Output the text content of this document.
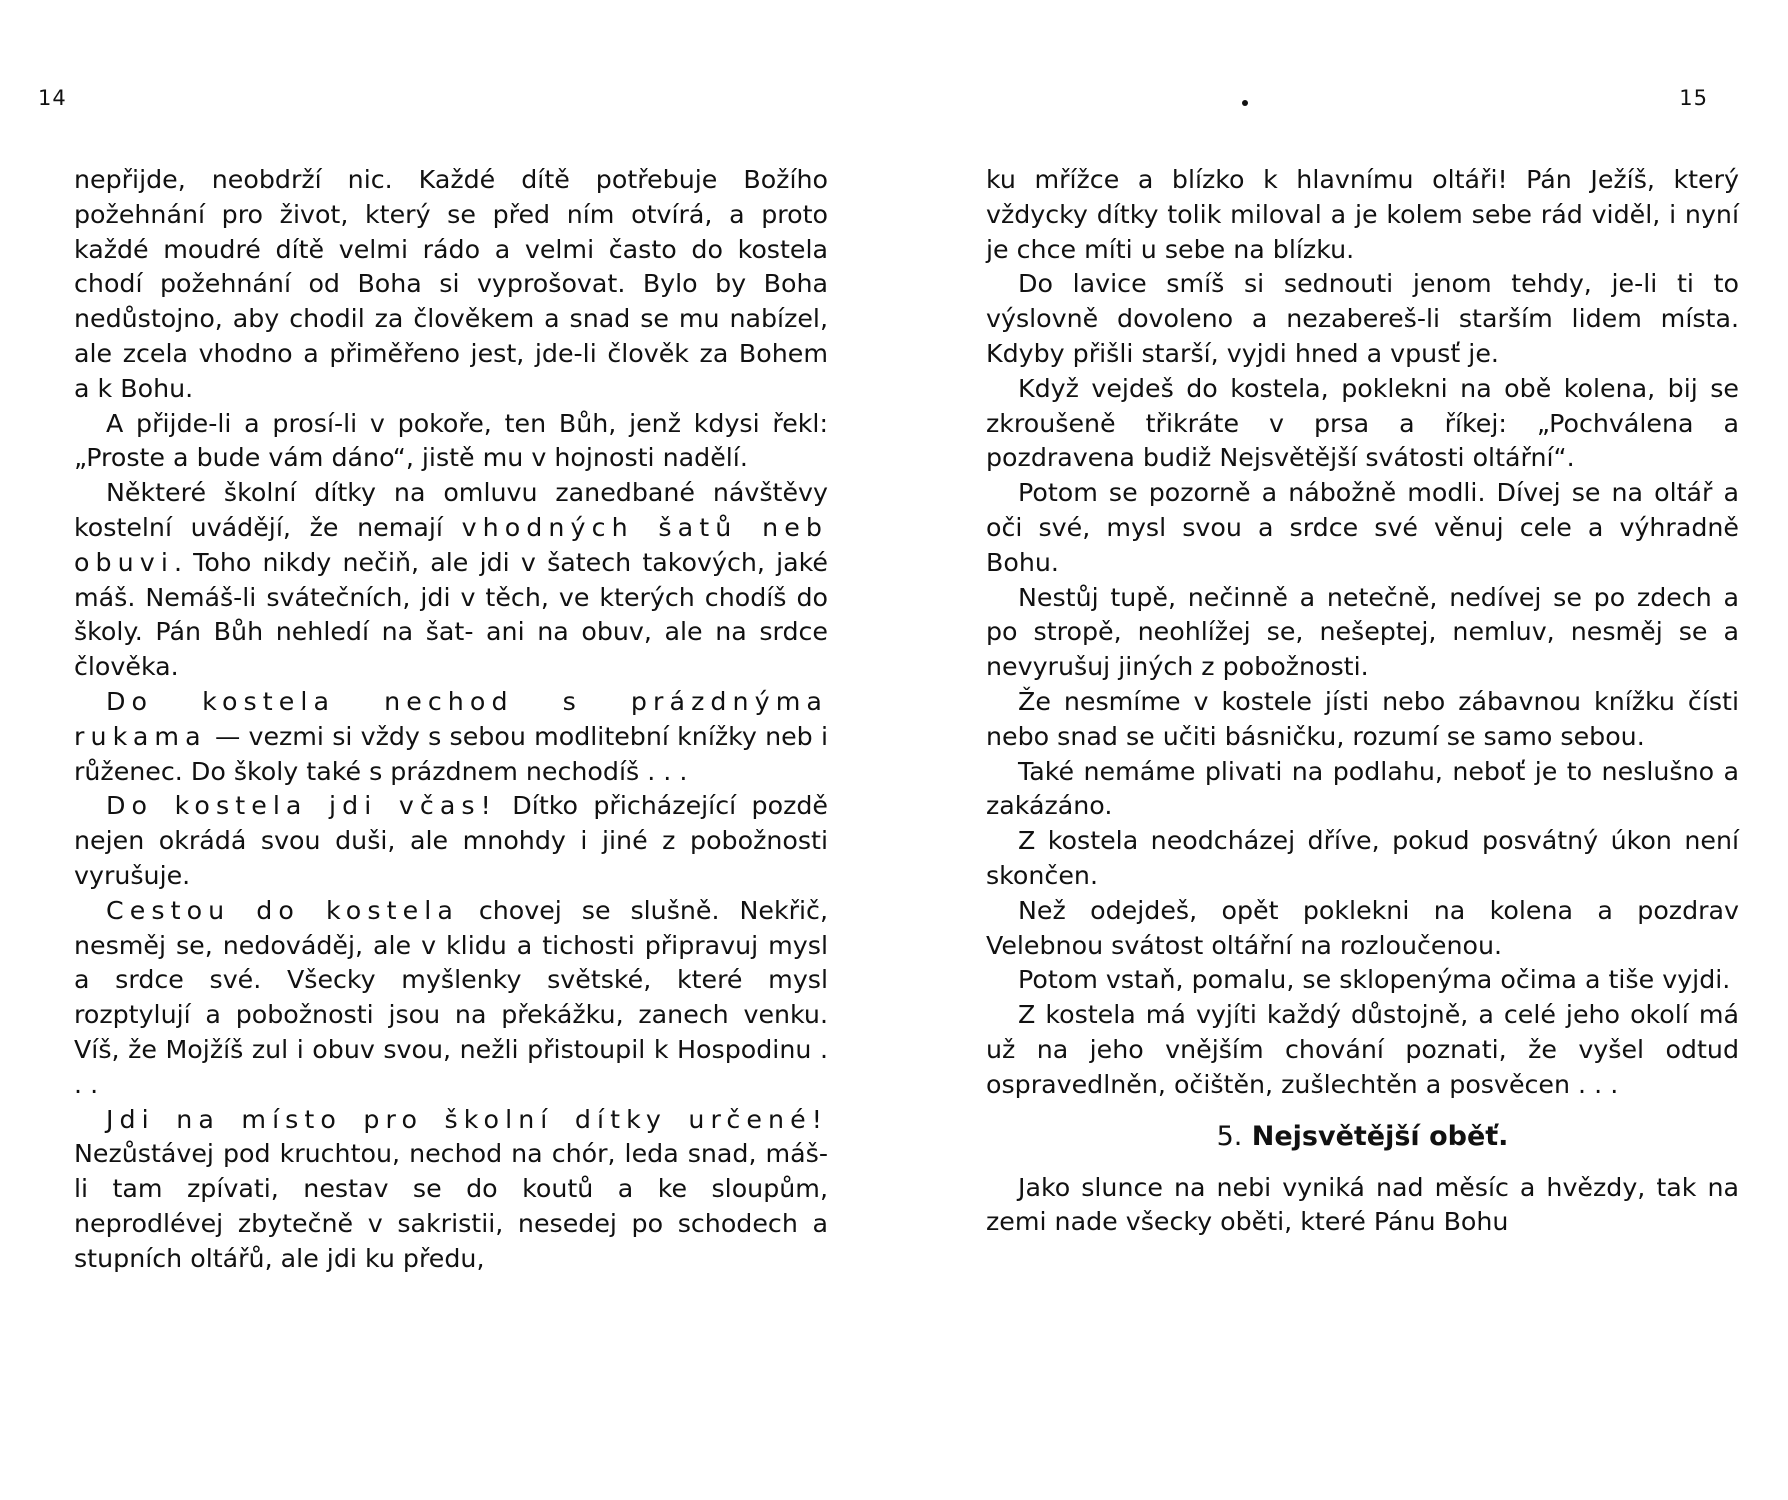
14

nepřijde, neobdrží nic. Každé dítě potřebuje Božího požehnání pro život, který se před ním otvírá, a proto každé moudré dítě velmi rádo a velmi často do kostela chodí požehnání od Boha si vyprošovat. Bylo by Boha nedůstojno, aby chodil za člověkem a snad se mu nabízel, ale zcela vhodno a přiměřeno jest, jde-li člověk za Bohem a k Bohu.

A přijde-li a prosí-li v pokoře, ten Bůh, jenž kdysi řekl: „Proste a bude vám dáno“, jistě mu v hojnosti nadělí.

Některé školní dítky na omluvu zanedbané návštěvy kostelní uvádějí, že nemají vhodných šatů neb obuvi. Toho nikdy nečiň, ale jdi v šatech takových, jaké máš. Nemáš-li svátečních, jdi v těch, ve kterých chodíš do školy. Pán Bůh nehledí na šat- ani na obuv, ale na srdce člověka.

Do kostela nechod s prázdnýma rukama — vezmi si vždy s sebou modlitební knížky neb i růženec. Do školy také s prázdnem nechodíš . . .

Do kostela jdi včas! Dítko přicházející pozdě nejen okrádá svou duši, ale mnohdy i jiné z pobožnosti vyrušuje.

Cestou do kostela chovej se slušně. Nekřič, nesměj se, nedováděj, ale v klidu a tichosti připravuj mysl a srdce své. Všecky myšlenky světské, které mysl rozptylují a pobožnosti jsou na překážku, zanech venku. Víš, že Mojžíš zul i obuv svou, nežli přistoupil k Hospodinu . . .

Jdi na místo pro školní dítky určené! Nezůstávej pod kruchtou, nechod na chór, leda snad, máš-li tam zpívati, nestav se do koutů a ke sloupům, neprodlévej zbytečně v sakristii, nesedej po schodech a stupních oltářů, ale jdi ku předu,

15

ku mřížce a blízko k hlavnímu oltáři! Pán Ježíš, který vždycky dítky tolik miloval a je kolem sebe rád viděl, i nyní je chce míti u sebe na blízku.

Do lavice smíš si sednouti jenom tehdy, je-li ti to výslovně dovoleno a nezabereš-li starším lidem místa. Kdyby přišli starší, vyjdi hned a vpusť je.

Když vejdeš do kostela, poklekni na obě kolena, bij se zkroušeně třikráte v prsa a říkej: „Pochválena a pozdravena budiž Nejsvětější svátosti oltářní“.

Potom se pozorně a nábožně modli. Dívej se na oltář a oči své, mysl svou a srdce své věnuj cele a výhradně Bohu.

Nestůj tupě, nečinně a netečně, nedívej se po zdech a po stropě, neohlížej se, nešeptej, nemluv, nesměj se a nevyrušuj jiných z pobožnosti.

Že nesmíme v kostele jísti nebo zábavnou knížku čísti nebo snad se učiti básničku, rozumí se samo sebou.

Také nemáme plivati na podlahu, neboť je to neslušno a zakázáno.

Z kostela neodcházej dříve, pokud posvátný úkon není skončen.

Než odejdeš, opět poklekni na kolena a pozdrav Velebnou svátost oltářní na rozloučenou.

Potom vstaň, pomalu, se sklopenýma očima a tiše vyjdi.

Z kostela má vyjíti každý důstojně, a celé jeho okolí má už na jeho vnějším chování poznati, že vyšel odtud ospravedlněn, očištěn, zušlechtěn a posvěcen . . .

5. Nejsvětější oběť.

Jako slunce na nebi vyniká nad měsíc a hvězdy, tak na zemi nade všecky oběti, které Pánu Bohu
